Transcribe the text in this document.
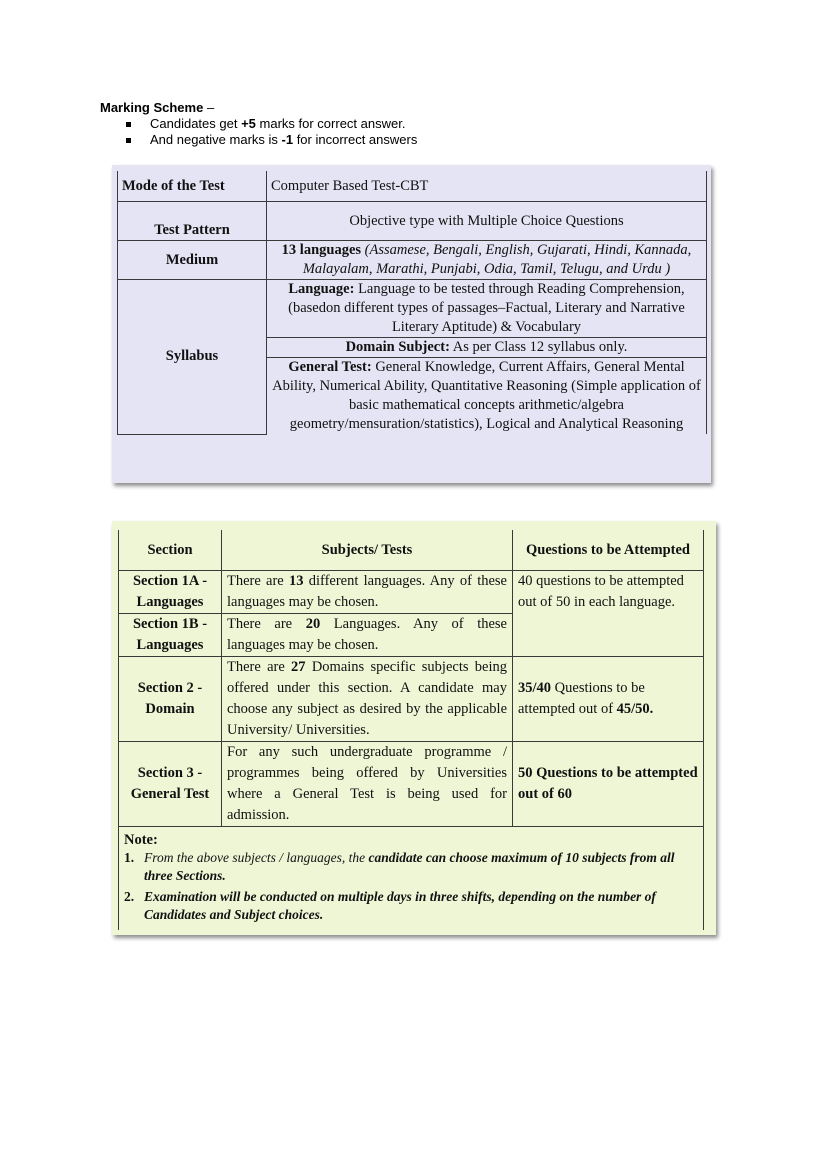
Marking Scheme –
Candidates get +5 marks for correct answer.
And negative marks is -1 for incorrect answers
Mode of the Test	Computer Based Test-CBT
Test Pattern	Objective type with Multiple Choice Questions
Medium	13 languages (Assamese, Bengali, English, Gujarati, Hindi, Kannada, Malayalam, Marathi, Punjabi, Odia, Tamil, Telugu, and Urdu )
Syllabus	Language: Language to be tested through Reading Comprehension, (basedon different types of passages–Factual, Literary and Narrative Literary Aptitude) & Vocabulary
	Domain Subject: As per Class 12 syllabus only.
	General Test: General Knowledge, Current Affairs, General Mental Ability, Numerical Ability, Quantitative Reasoning (Simple application of basic mathematical concepts arithmetic/algebra geometry/mensuration/statistics), Logical and Analytical Reasoning
Section	Subjects/ Tests	Questions to be Attempted
Section 1A - Languages	There are 13 different languages. Any of these languages may be chosen.	40 questions to be attempted out of 50 in each language.
Section 1B - Languages	There are 20 Languages. Any of these languages may be chosen.	
Section 2 - Domain	There are 27 Domains specific subjects being offered under this section. A candidate may choose any subject as desired by the applicable University/ Universities.	35/40 Questions to be attempted out of 45/50.
Section 3 - General Test	For any such undergraduate programme / programmes being offered by Universities where a General Test is being used for admission.	50 Questions to be attempted out of 60

Note:
1. From the above subjects / languages, the candidate can choose maximum of 10 subjects from all three Sections.
2. Examination will be conducted on multiple days in three shifts, depending on the number of Candidates and Subject choices.		
